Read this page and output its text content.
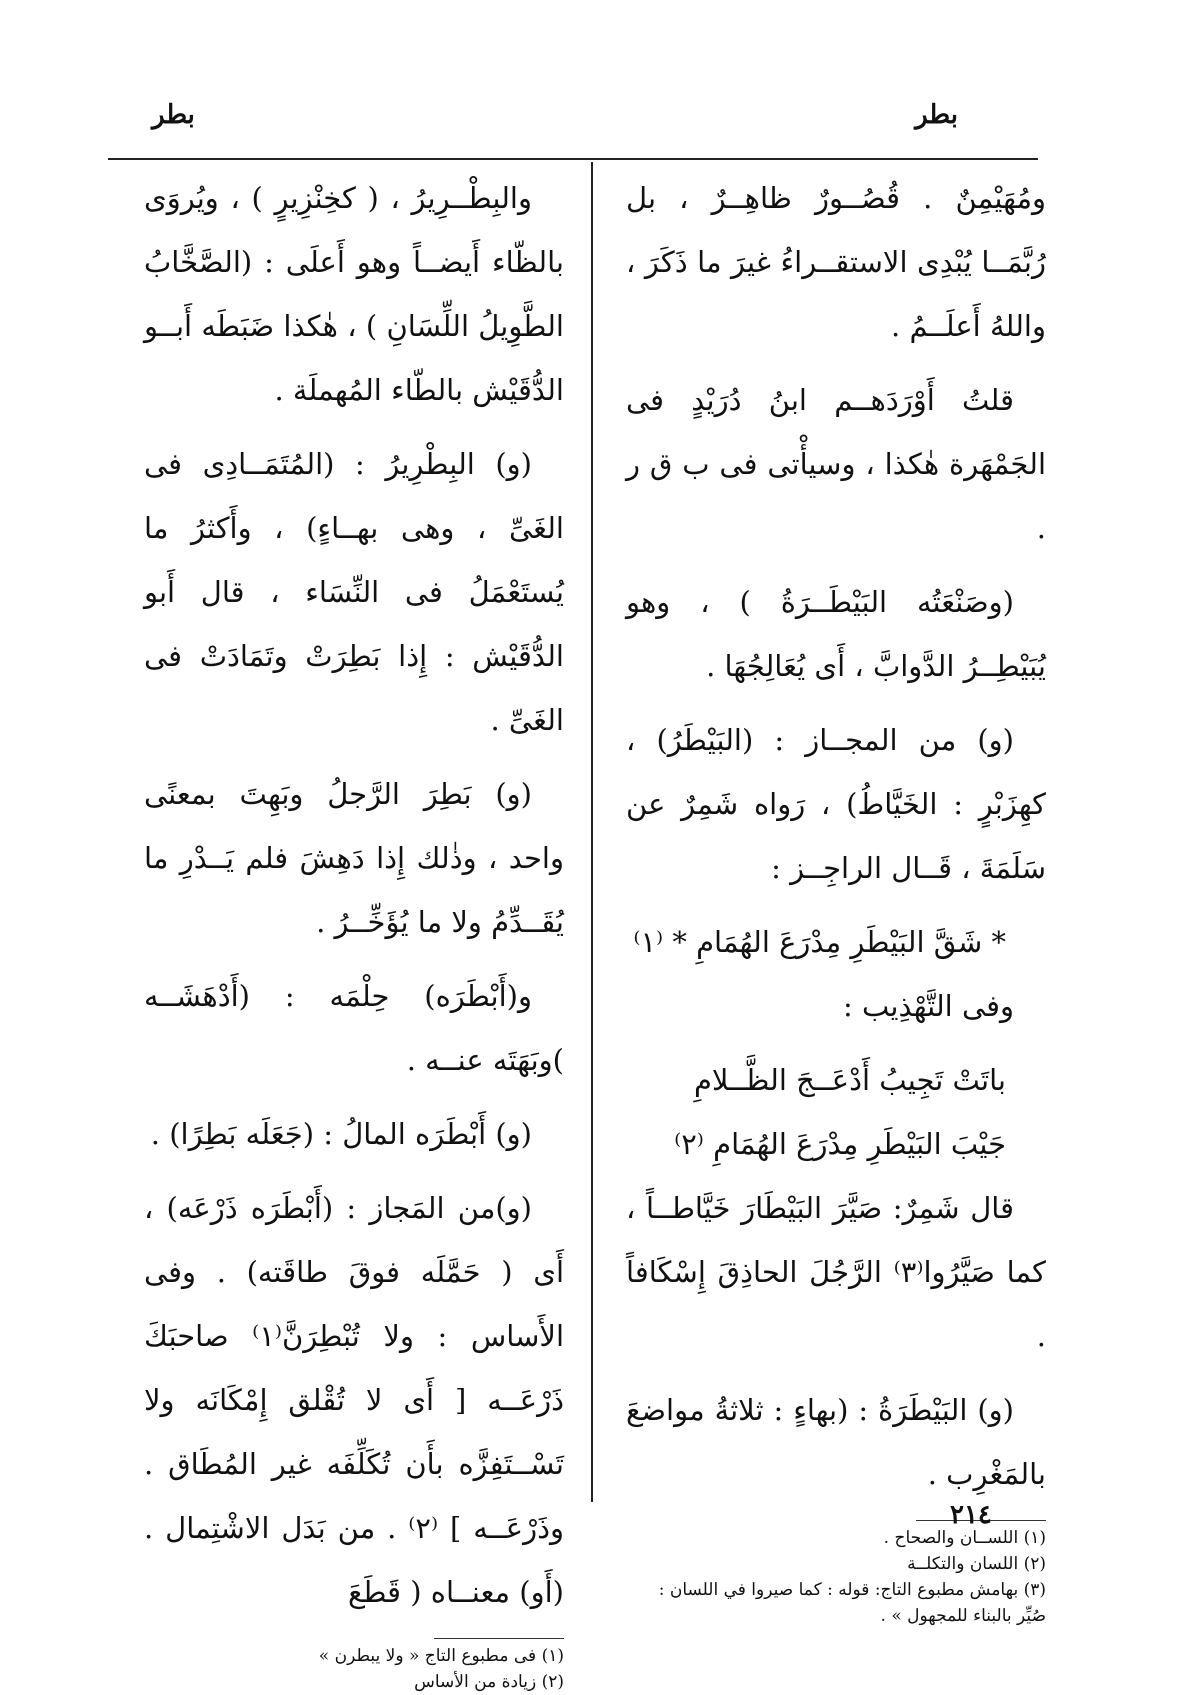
بطر
بطر

ومُهَيْمِنٌ . قُصُــورٌ ظاهِــرٌ ، بل رُبَّمَــا يُبْدِى الاستقــراءُ غيرَ ما ذَكَرَ ، واللهُ أَعلَــمُ .

قلتُ أَوْرَدَهــم ابنُ دُرَيْدٍ فى الجَمْهَرة هٰكذا ، وسيأْتى فى ب ق ر .

(وصَنْعَتُه البَيْطَــرَةُ ) ، وهو يُبَيْطِــرُ الدَّوابَّ ، أَى يُعَالِجُهَا .

(و) من المجــاز : (البَيْطَرُ) ، كهِزَبْرٍ : الخَيَّاطُ) ، رَواه شَمِرٌ عن سَلَمَةَ ، قَــال الراجِــز :

* شَقَّ البَيْطَرِ مِدْرَعَ الهُمَامِ * ⁽١⁾

وفى التَّهْذِيب :

باتَتْ تَجِيبُ أَدْعَــجَ الظَّــلامِ

جَيْبَ البَيْطَرِ مِدْرَعَ الهُمَامِ ⁽٢⁾

قال شَمِرٌ: صَيَّرَ البَيْطَارَ خَيَّاطــاً ، كما صَيَّرُوا⁽٣⁾ الرَّجُلَ الحاذِقَ إِسْكَافاً .

(و) البَيْطَرَةُ : (بهاءٍ : ثلاثةُ مواضعَ بالمَغْرِب .

(١) اللســان والصحاح .

(٢) اللسان والتكلــة

(٣) بهامش مطبوع التاج: قوله : كما صيروا في اللسان : صُيِّر بالبناء للمجهول » .

والبِطْــرِيرُ ، ( كخِنْزِيرٍ ) ، ويُروَى بالظّاء أَيضــاً وهو أَعلَى : (الصَّخَّابُ الطَّوِيلُ اللِّسَانِ ) ، هٰكذا ضَبَطَه أَبــو الدُّقَيْش بالطّاء المُهملَة .

(و) البِطْرِيرُ : (المُتَمَــادِى فى الغَىِّ ، وهى بهــاءٍ) ، وأَكثرُ ما يُستَعْمَلُ فى النِّسَاء ، قال أَبو الدُّقَيْش : إِذا بَطِرَتْ وتَمَادَتْ فى الغَىِّ .

(و) بَطِرَ الرَّجلُ وبَهِتَ بمعنًى واحد ، وذٰلك إِذا دَهِشَ فلم يَــدْرِ ما يُقَــدِّمُ ولا ما يُؤَخِّــرُ .

و(أَبْطَرَه) حِلْمَه : (أَدْهَشَــه )وبَهَتَه عنــه .

(و) أَبْطَرَه المالُ : (جَعَلَه بَطِرًا) .

(و)من المَجاز : (أَبْطَرَه ذَرْعَه) ، أَى ( حَمَّلَه فوقَ طاقَته) . وفى الأَساس : ولا تُبْطِرَنَّ⁽١⁾ صاحبَكَ ذَرْعَــه [ أَى لا تُقْلق إِمْكَانَه ولا تَسْــتَفِزَّه بأَن تُكَلِّفَه غير المُطَاق . وذَرْعَــه ] ⁽٢⁾ . من بَدَل الاشْتِمال . (أَو) معنــاه ( قَطَعَ

(١) فى مطبوع التاج « ولا يبطرن »

(٢) زيادة من الأساس

٢١٤
